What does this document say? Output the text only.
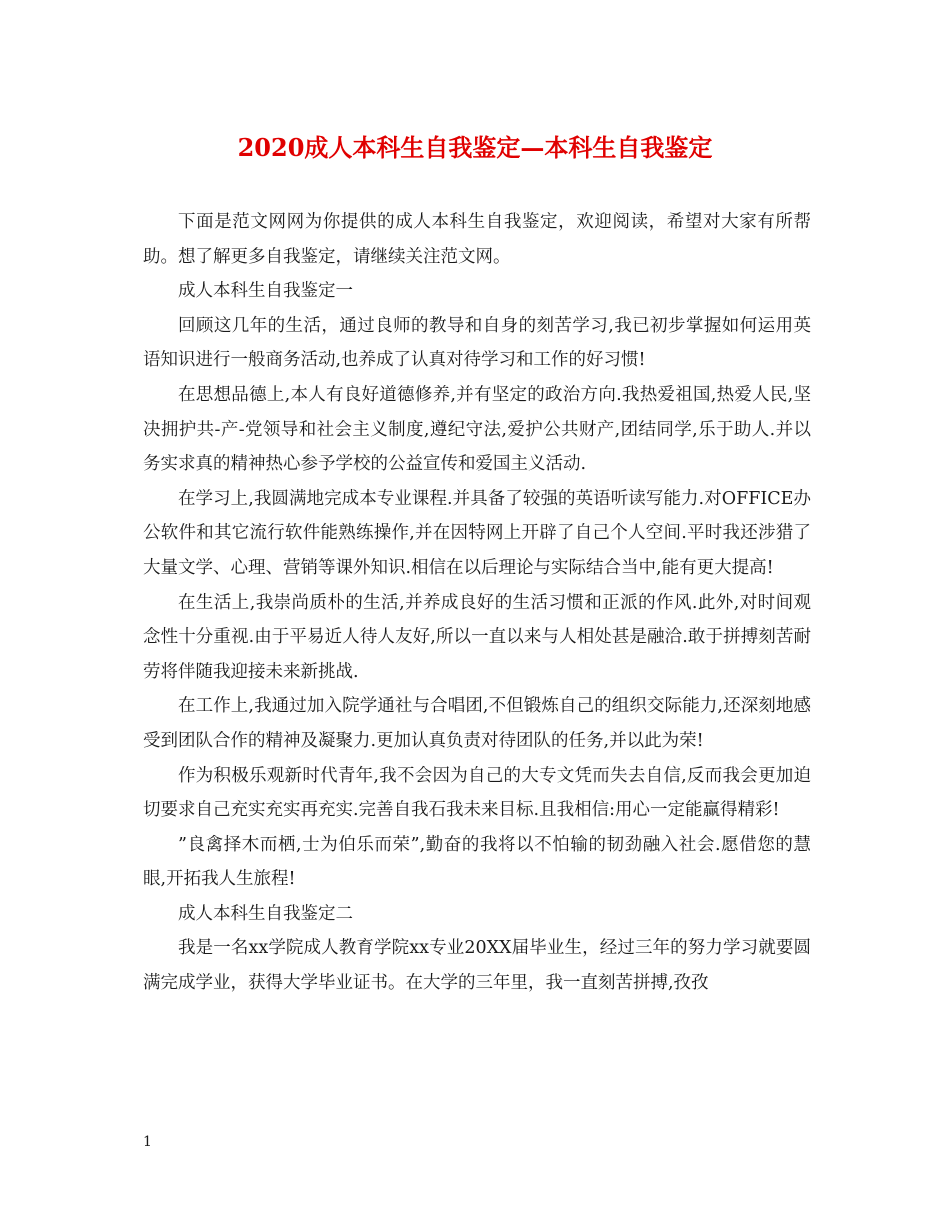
2020成人本科生自我鉴定—本科生自我鉴定

下面是范文网网为你提供的成人本科生自我鉴定，欢迎阅读，希望对大家有所帮助。想了解更多自我鉴定，请继续关注范文网。

成人本科生自我鉴定一

回顾这几年的生活，通过良师的教导和自身的刻苦学习,我已初步掌握如何运用英语知识进行一般商务活动,也养成了认真对待学习和工作的好习惯!

在思想品德上,本人有良好道德修养,并有坚定的政治方向.我热爱祖国,热爱人民,坚决拥护共-产-党领导和社会主义制度,遵纪守法,爱护公共财产,团结同学,乐于助人.并以务实求真的精神热心参予学校的公益宣传和爱国主义活动.

在学习上,我圆满地完成本专业课程.并具备了较强的英语听读写能力.对OFFICE办公软件和其它流行软件能熟练操作,并在因特网上开辟了自己个人空间.平时我还涉猎了大量文学、心理、营销等课外知识.相信在以后理论与实际结合当中,能有更大提高!

在生活上,我崇尚质朴的生活,并养成良好的生活习惯和正派的作风.此外,对时间观念性十分重视.由于平易近人待人友好,所以一直以来与人相处甚是融洽.敢于拼搏刻苦耐劳将伴随我迎接未来新挑战.

在工作上,我通过加入院学通社与合唱团,不但锻炼自己的组织交际能力,还深刻地感受到团队合作的精神及凝聚力.更加认真负责对待团队的任务,并以此为荣!

作为积极乐观新时代青年,我不会因为自己的大专文凭而失去自信,反而我会更加迫切要求自己充实充实再充实.完善自我石我未来目标.且我相信:用心一定能赢得精彩!

”良禽择木而栖,士为伯乐而荣”,勤奋的我将以不怕输的韧劲融入社会.愿借您的慧眼,开拓我人生旅程!

成人本科生自我鉴定二

我是一名xx学院成人教育学院xx专业20XX届毕业生，经过三年的努力学习就要圆满完成学业，获得大学毕业证书。在大学的三年里，我一直刻苦拼搏,孜孜

1
